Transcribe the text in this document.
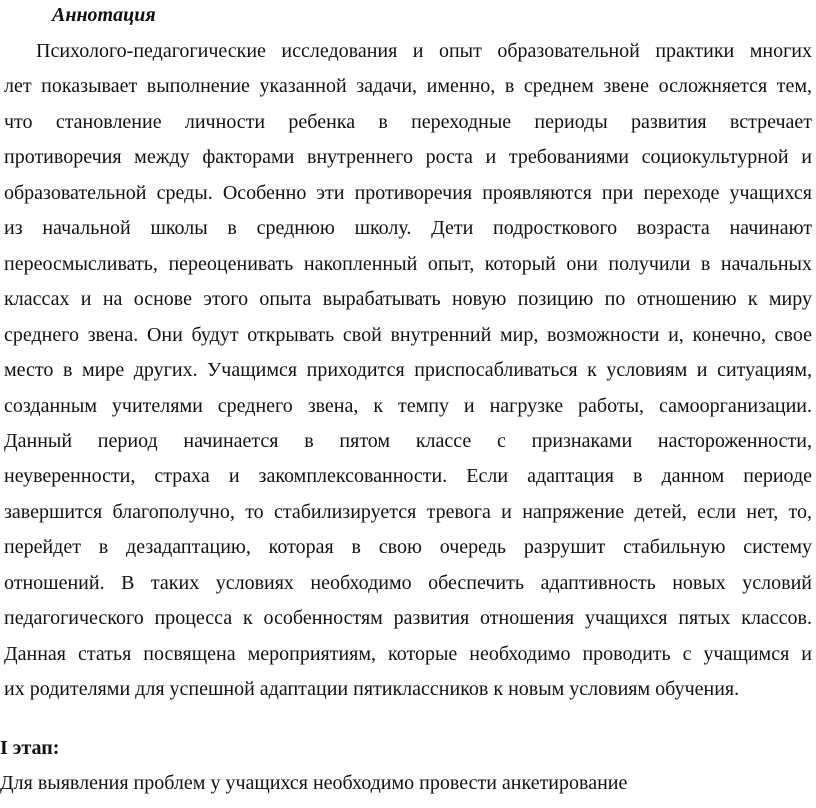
Аннотация
Психолого-педагогические исследования и опыт образовательной практики многих
лет показывает выполнение указанной задачи, именно, в среднем звене осложняется тем,
что становление личности ребенка в переходные периоды развития встречает
противоречия между факторами внутреннего роста и требованиями социокультурной и
образовательной среды. Особенно эти противоречия проявляются при переходе учащихся
из начальной школы в среднюю школу. Дети подросткового возраста начинают
переосмысливать, переоценивать накопленный опыт, который они получили в начальных
классах и на основе этого опыта вырабатывать новую позицию по отношению к миру
среднего звена. Они будут открывать свой внутренний мир, возможности и, конечно, свое
место в мире других. Учащимся приходится приспосабливаться к условиям и ситуациям,
созданным учителями среднего звена, к темпу и нагрузке работы, самоорганизации.
Данный период начинается в пятом классе с признаками настороженности,
неуверенности, страха и закомплексованности. Если адаптация в данном периоде
завершится благополучно, то стабилизируется тревога и напряжение детей, если нет, то,
перейдет в дезадаптацию, которая в свою очередь разрушит стабильную систему
отношений. В таких условиях необходимо обеспечить адаптивность новых условий
педагогического процесса к особенностям развития отношения учащихся пятых классов.
Данная статья посвящена мероприятиям, которые необходимо проводить с учащимся и
их родителями для успешной адаптации пятиклассников к новым условиям обучения.
I этап:
Для выявления проблем у учащихся необходимо провести анкетирование
